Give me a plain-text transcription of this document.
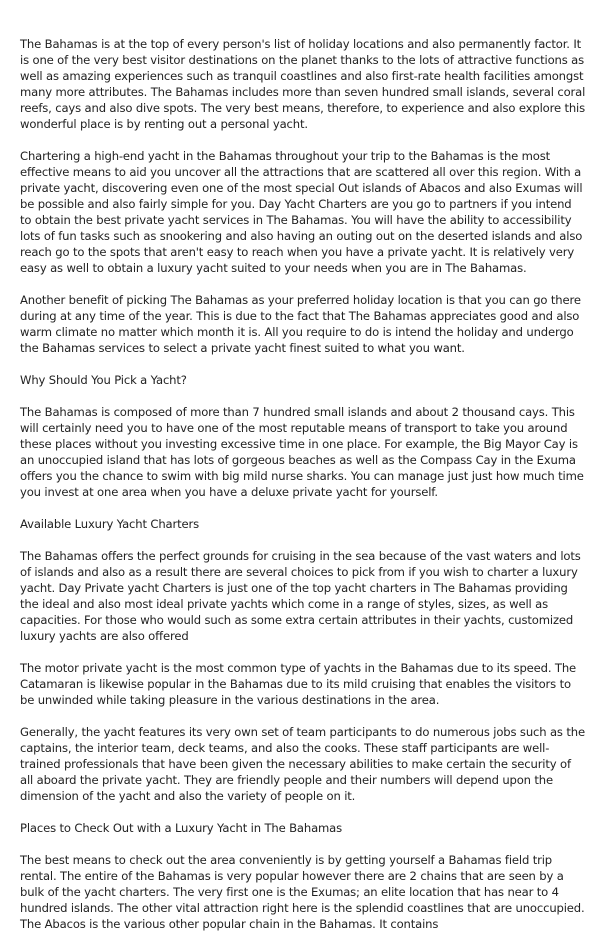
The Bahamas is at the top of every person's list of holiday locations and also permanently factor. It is one of the very best visitor destinations on the planet thanks to the lots of attractive functions as well as amazing experiences such as tranquil coastlines and also first-rate health facilities amongst many more attributes. The Bahamas includes more than seven hundred small islands, several coral reefs, cays and also dive spots. The very best means, therefore, to experience and also explore this wonderful place is by renting out a personal yacht.

Chartering a high-end yacht in the Bahamas throughout your trip to the Bahamas is the most effective means to aid you uncover all the attractions that are scattered all over this region. With a private yacht, discovering even one of the most special Out islands of Abacos and also Exumas will be possible and also fairly simple for you. Day Yacht Charters are you go to partners if you intend to obtain the best private yacht services in The Bahamas. You will have the ability to accessibility lots of fun tasks such as snookering and also having an outing out on the deserted islands and also reach go to the spots that aren't easy to reach when you have a private yacht. It is relatively very easy as well to obtain a luxury yacht suited to your needs when you are in The Bahamas.

Another benefit of picking The Bahamas as your preferred holiday location is that you can go there during at any time of the year. This is due to the fact that The Bahamas appreciates good and also warm climate no matter which month it is. All you require to do is intend the holiday and undergo the Bahamas services to select a private yacht finest suited to what you want.

Why Should You Pick a Yacht?

The Bahamas is composed of more than 7 hundred small islands and about 2 thousand cays. This will certainly need you to have one of the most reputable means of transport to take you around these places without you investing excessive time in one place. For example, the Big Mayor Cay is an unoccupied island that has lots of gorgeous beaches as well as the Compass Cay in the Exuma offers you the chance to swim with big mild nurse sharks. You can manage just just how much time you invest at one area when you have a deluxe private yacht for yourself.

Available Luxury Yacht Charters

The Bahamas offers the perfect grounds for cruising in the sea because of the vast waters and lots of islands and also as a result there are several choices to pick from if you wish to charter a luxury yacht. Day Private yacht Charters is just one of the top yacht charters in The Bahamas providing the ideal and also most ideal private yachts which come in a range of styles, sizes, as well as capacities. For those who would such as some extra certain attributes in their yachts, customized luxury yachts are also offered

The motor private yacht is the most common type of yachts in the Bahamas due to its speed. The Catamaran is likewise popular in the Bahamas due to its mild cruising that enables the visitors to be unwinded while taking pleasure in the various destinations in the area.

Generally, the yacht features its very own set of team participants to do numerous jobs such as the captains, the interior team, deck teams, and also the cooks. These staff participants are well-trained professionals that have been given the necessary abilities to make certain the security of all aboard the private yacht. They are friendly people and their numbers will depend upon the dimension of the yacht and also the variety of people on it.

Places to Check Out with a Luxury Yacht in The Bahamas

The best means to check out the area conveniently is by getting yourself a Bahamas field trip rental. The entire of the Bahamas is very popular however there are 2 chains that are seen by a bulk of the yacht charters. The very first one is the Exumas; an elite location that has near to 4 hundred islands. The other vital attraction right here is the splendid coastlines that are unoccupied. The Abacos is the various other popular chain in the Bahamas. It contains
